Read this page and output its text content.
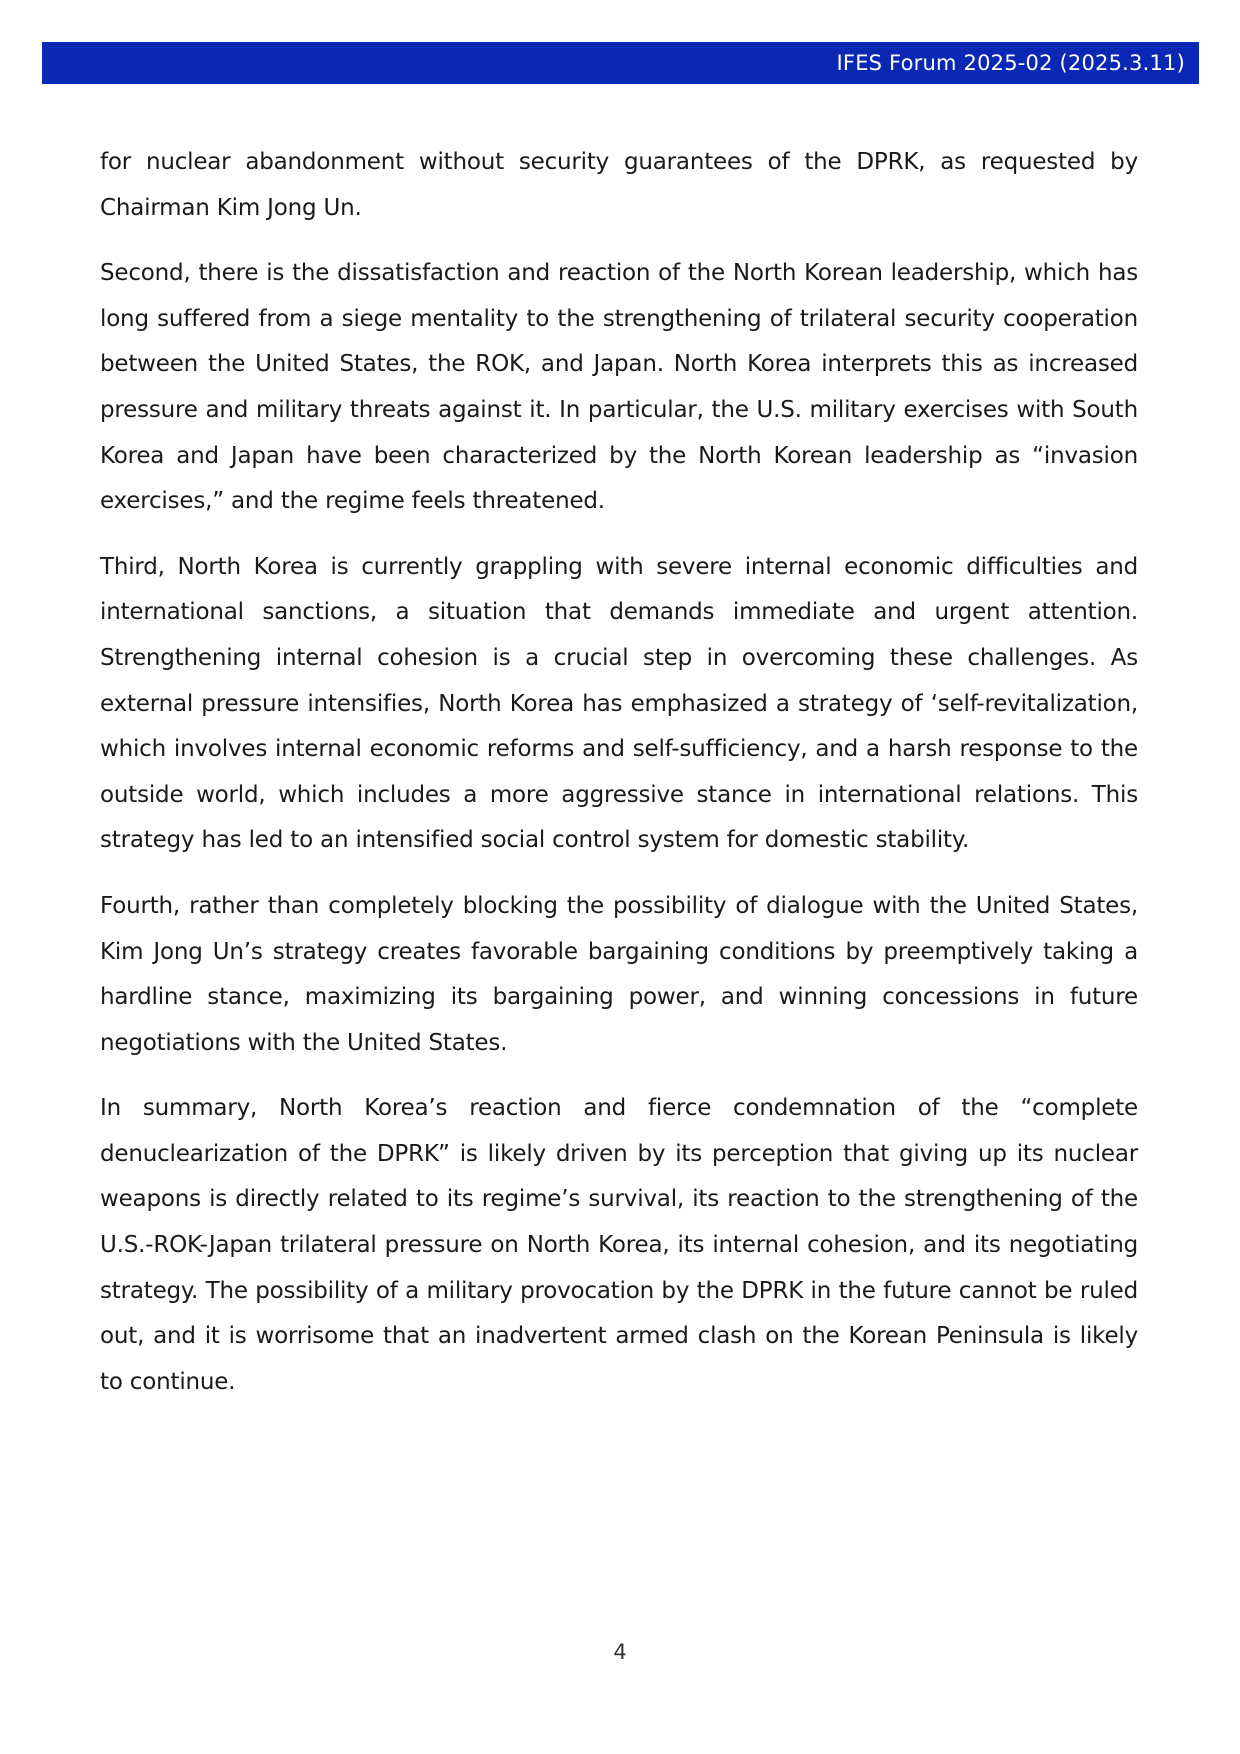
IFES Forum 2025-02 (2025.3.11)

for nuclear abandonment without security guarantees of the DPRK, as requested by Chairman Kim Jong Un.

Second, there is the dissatisfaction and reaction of the North Korean leadership, which has long suffered from a siege mentality to the strengthening of trilateral security cooperation between the United States, the ROK, and Japan. North Korea interprets this as increased pressure and military threats against it. In particular, the U.S. military exercises with South Korea and Japan have been characterized by the North Korean leadership as “invasion exercises,” and the regime feels threatened.

Third, North Korea is currently grappling with severe internal economic difficulties and international sanctions, a situation that demands immediate and urgent attention. Strengthening internal cohesion is a crucial step in overcoming these challenges. As external pressure intensifies, North Korea has emphasized a strategy of ‘self-revitalization, which involves internal economic reforms and self-sufficiency, and a harsh response to the outside world, which includes a more aggressive stance in international relations. This strategy has led to an intensified social control system for domestic stability.

Fourth, rather than completely blocking the possibility of dialogue with the United States, Kim Jong Un’s strategy creates favorable bargaining conditions by preemptively taking a hardline stance, maximizing its bargaining power, and winning concessions in future negotiations with the United States.

In summary, North Korea’s reaction and fierce condemnation of the “complete denuclearization of the DPRK” is likely driven by its perception that giving up its nuclear weapons is directly related to its regime’s survival, its reaction to the strengthening of the U.S.-ROK-Japan trilateral pressure on North Korea, its internal cohesion, and its negotiating strategy. The possibility of a military provocation by the DPRK in the future cannot be ruled out, and it is worrisome that an inadvertent armed clash on the Korean Peninsula is likely to continue.

4
